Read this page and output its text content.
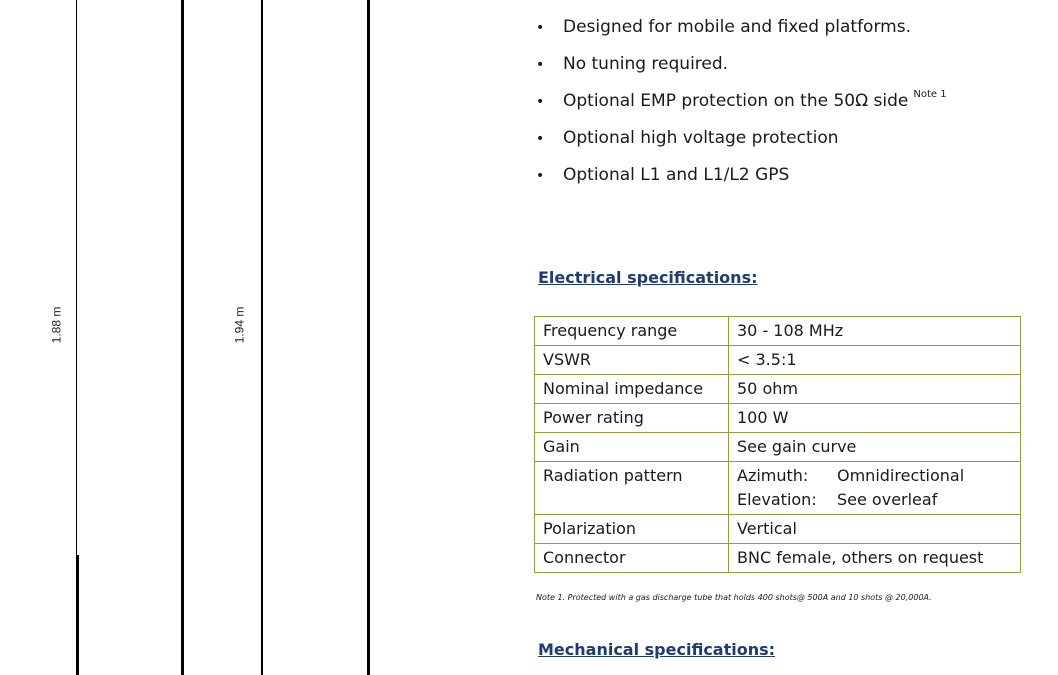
1.88 m	1.94 m
• Designed for mobile and fixed platforms.
• No tuning required.
• Optional EMP protection on the 50Ω side $^{Note 1}$
• Optional high voltage protection
• Optional L1 and L1/L2 GPS
Electrical specifications:
Frequency range	30 - 108 MHz
VSWR	< 3.5:1
Nominal impedance	50 ohm
Power rating	100 W
Gain	See gain curve
Radiation pattern	Azimuth: Omnidirectional
Elevation: See overleaf

Polarization	Vertical
Connector	BNC female, others on request
Note 1. Protected with a gas discharge tube that holds 400 shots@ 500A and 10 shots @ 20,000A.
Mechanical specifications:
